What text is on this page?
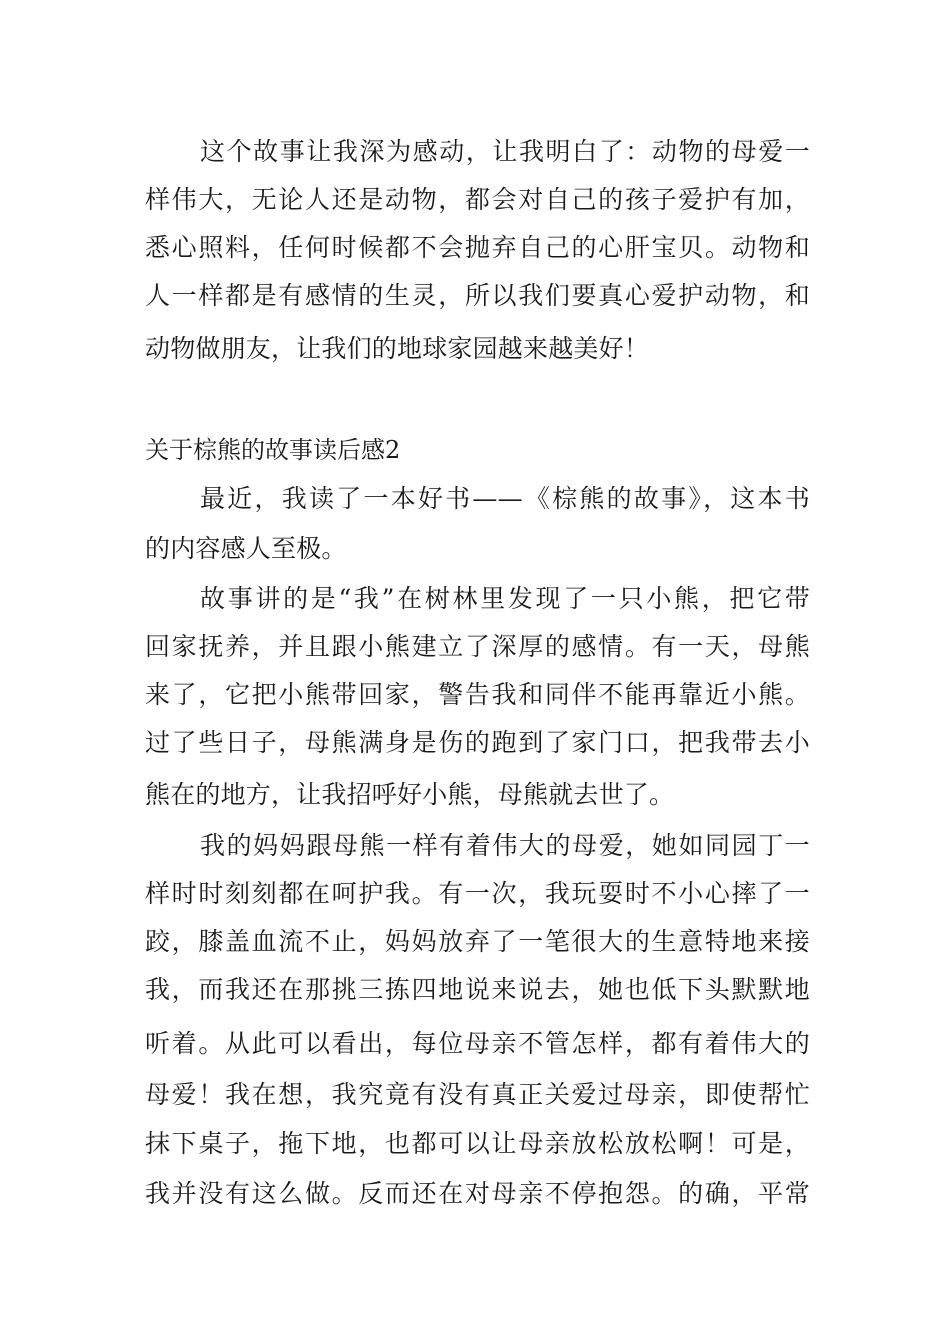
这个故事让我深为感动，让我明白了：动物的母爱一
样伟大，无论人还是动物，都会对自己的孩子爱护有加，
悉心照料，任何时候都不会抛弃自己的心肝宝贝。动物和
人一样都是有感情的生灵，所以我们要真心爱护动物，和
动物做朋友，让我们的地球家园越来越美好！
关于棕熊的故事读后感2
最近，我读了一本好书——《棕熊的故事》，这本书
的内容感人至极。
故事讲的是“我”在树林里发现了一只小熊，把它带
回家抚养，并且跟小熊建立了深厚的感情。有一天，母熊
来了，它把小熊带回家，警告我和同伴不能再靠近小熊。
过了些日子，母熊满身是伤的跑到了家门口，把我带去小
熊在的地方，让我招呼好小熊，母熊就去世了。
我的妈妈跟母熊一样有着伟大的母爱，她如同园丁一
样时时刻刻都在呵护我。有一次，我玩耍时不小心摔了一
跤，膝盖血流不止，妈妈放弃了一笔很大的生意特地来接
我，而我还在那挑三拣四地说来说去，她也低下头默默地
听着。从此可以看出，每位母亲不管怎样，都有着伟大的
母爱！我在想，我究竟有没有真正关爱过母亲，即使帮忙
抹下桌子，拖下地，也都可以让母亲放松放松啊！可是，
我并没有这么做。反而还在对母亲不停抱怨。的确，平常
